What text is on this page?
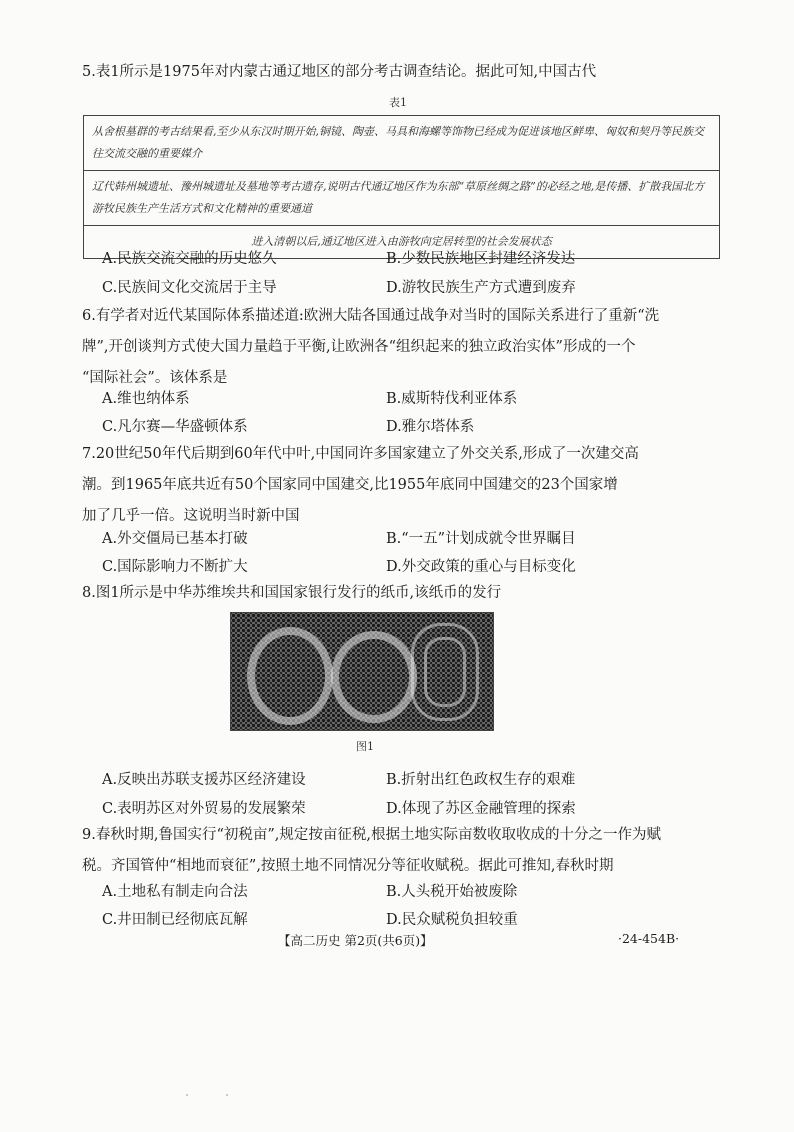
5.表1所示是1975年对内蒙古通辽地区的部分考古调查结论。据此可知,中国古代

表1
从舍根墓群的考古结果看,至少从东汉时期开始,铜镜、陶壶、马具和海螺等饰物已经成为促进该地区鲜卑、匈奴和契丹等民族交往交流交融的重要媒介
辽代韩州城遗址、豫州城遗址及墓地等考古遗存,说明古代通辽地区作为东部“草原丝绸之路”的必经之地,是传播、扩散我国北方游牧民族生产生活方式和文化精神的重要通道
进入清朝以后,通辽地区进入由游牧向定居转型的社会发展状态
A.民族交流交融的历史悠久	B.少数民族地区封建经济发达
C.民族间文化交流居于主导	D.游牧民族生产方式遭到废弃

6.有学者对近代某国际体系描述道:欧洲大陆各国通过战争对当时的国际关系进行了重新“洗

牌”,开创谈判方式使大国力量趋于平衡,让欧洲各“组织起来的独立政治实体”形成的一个

“国际社会”。该体系是

A.维也纳体系	B.威斯特伐利亚体系
C.凡尔赛—华盛顿体系	D.雅尔塔体系

7.20世纪50年代后期到60年代中叶,中国同许多国家建立了外交关系,形成了一次建交高

潮。到1965年底共近有50个国家同中国建交,比1955年底同中国建交的23个国家增

加了几乎一倍。这说明当时新中国

A.外交僵局已基本打破	B.“一五”计划成就令世界瞩目
C.国际影响力不断扩大	D.外交政策的重心与目标变化

8.图1所示是中华苏维埃共和国国家银行发行的纸币,该纸币的发行

图1
A.反映出苏联支援苏区经济建设	B.折射出红色政权生存的艰难
C.表明苏区对外贸易的发展繁荣	D.体现了苏区金融管理的探索

9.春秋时期,鲁国实行“初税亩”,规定按亩征税,根据土地实际亩数收取收成的十分之一作为赋

税。齐国管仲“相地而衰征”,按照土地不同情况分等征收赋税。据此可推知,春秋时期

A.土地私有制走向合法	B.人头税开始被废除
C.井田制已经彻底瓦解	D.民众赋税负担较重
【高二历史 第2页(共6页)】	·24-454B·
